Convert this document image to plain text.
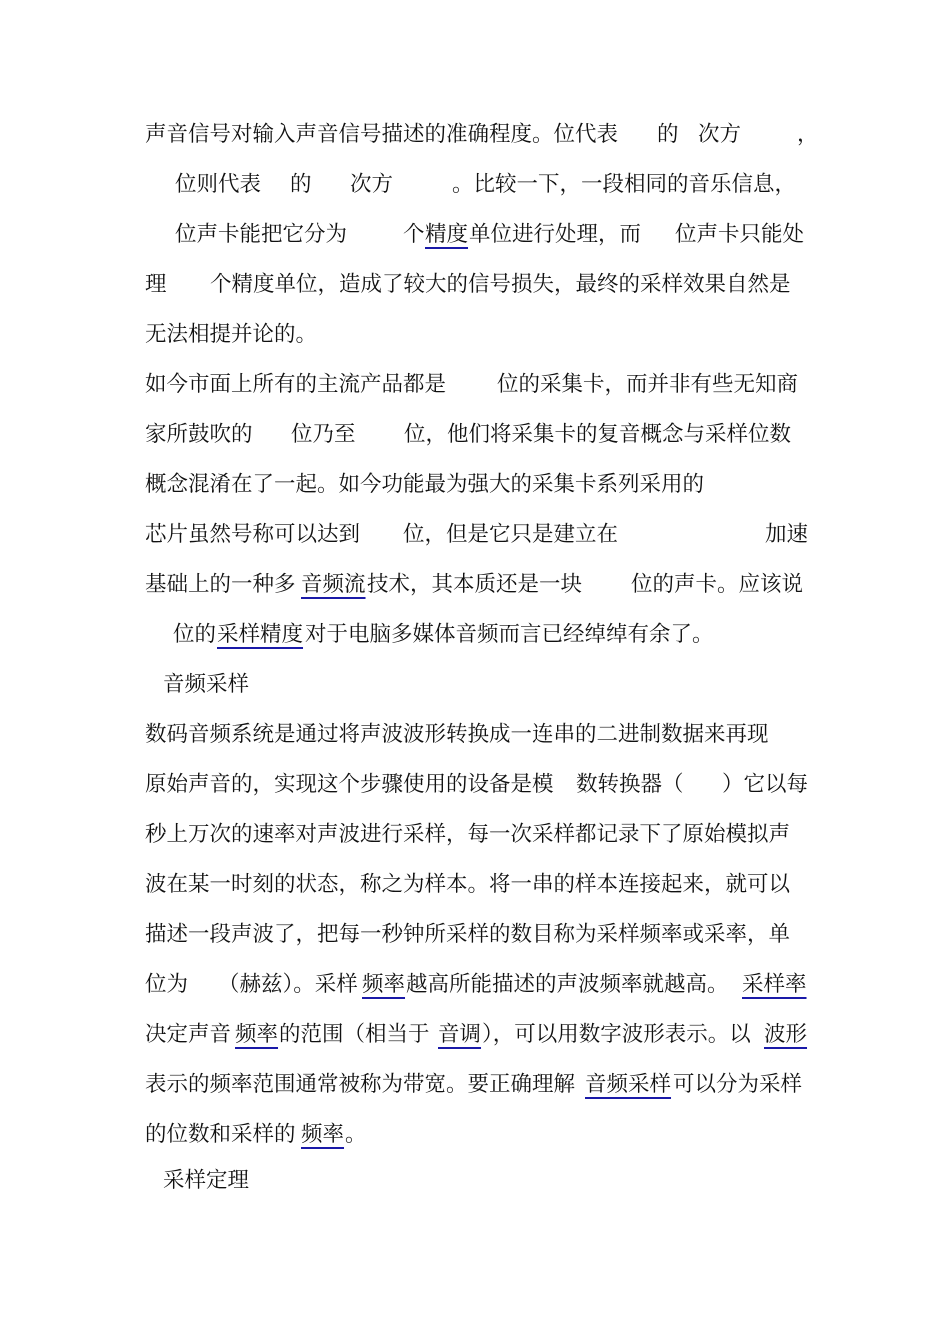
声音信号对输入声音信号描述的准确程度。位代表 的 次方	，
位则代表 的 次方	。比较一下，一段相同的音乐信息，
位声卡能把它分为	个 精度 单位进行处理，而 位声卡只能处
理 个精度单位，造成了较大的信号损失，最终的采样效果自然是
无法相提并论的。
如今市面上所有的主流产品都是 位的采集卡，而并非有些无知商
家所鼓吹的 位乃至 位，他们将采集卡的复音概念与采样位数
概念混淆在了一起。如今功能最为强大的采集卡系列采用的
芯片虽然号称可以达到 位，但是它只是建立在	加速
基础上的一种多 音频流 技术，其本质还是一块 位的声卡。应该说
位的 采样精度 对于电脑多媒体音频而言已经绰绰有余了。
音频采样
数码音频系统是通过将声波波形转换成一连串的二进制数据来再现
原始声音的，实现这个步骤使用的设备是模 数转换器（ ）它以每
秒上万次的速率对声波进行采样，每一次采样都记录下了原始模拟声
波在某一时刻的状态，称之为样本。将一串的样本连接起来，就可以
描述一段声波了，把每一秒钟所采样的数目称为采样频率或采率，单
位为 （赫兹）。采样 频率 越高所能描述的声波频率就越高。 采样率
决定声音 频率 的范围（相当于 音调 ），可以用数字波形表示。以 波形
表示的频率范围通常被称为带宽。要正确理解 音频采样 可以分为采样
的位数和采样的 频率 。
采样定理
